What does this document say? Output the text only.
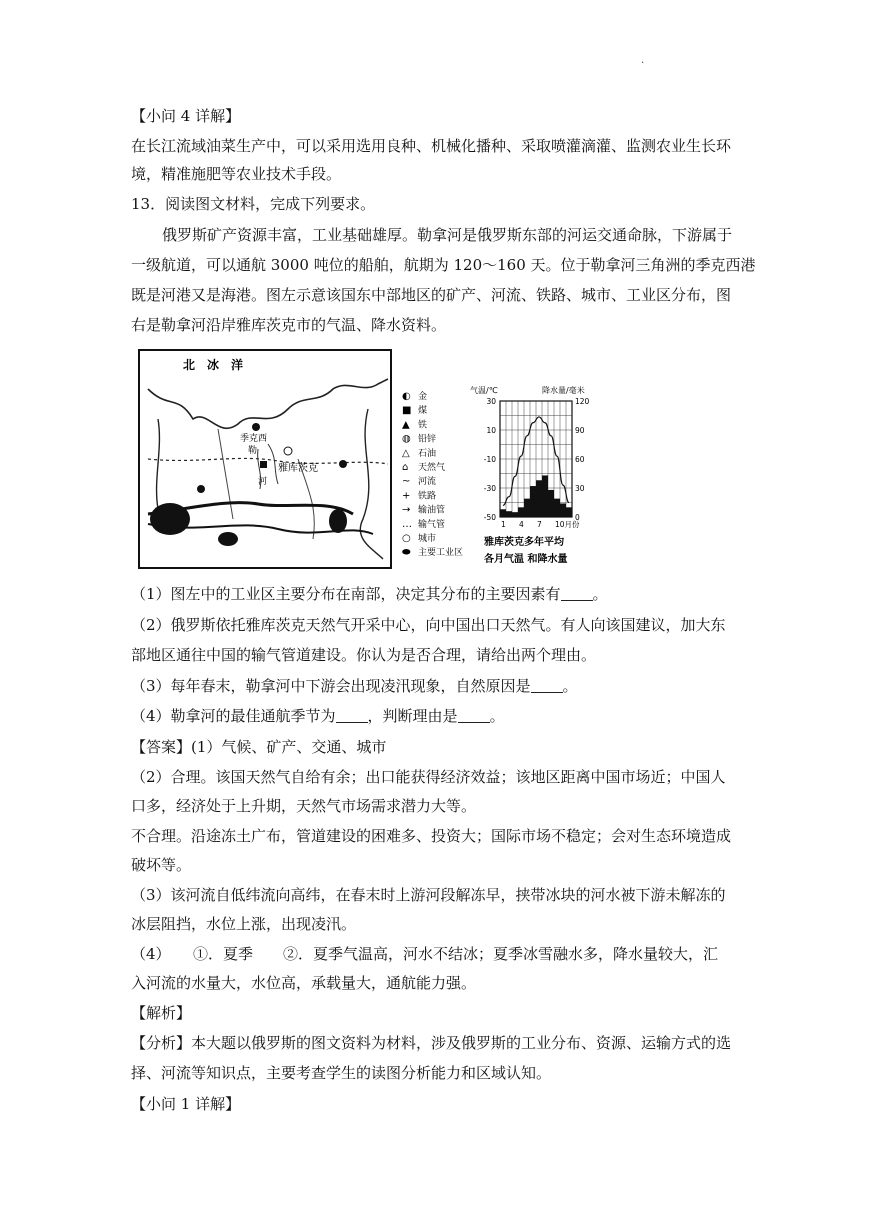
.
【小问 4 详解】
在长江流域油菜生产中，可以采用选用良种、机械化播种、采取喷灌滴灌、监测农业生长环
境，精准施肥等农业技术手段。
13．阅读图文材料，完成下列要求。
俄罗斯矿产资源丰富，工业基础雄厚。勒拿河是俄罗斯东部的河运交通命脉，下游属于
一级航道，可以通航 3000 吨位的船舶，航期为 120～160 天。位于勒拿河三角洲的季克西港
既是河港又是海港。图左示意该国东中部地区的矿产、河流、铁路、城市、工业区分布，图
右是勒拿河沿岸雅库茨克市的气温、降水资料。
季克西
北　冰　洋
勒
河
雅库茨克
◐ 金
■ 煤
▲ 铁
◍ 铅锌
△ 石油
⌂ 天然气
~ 河流
+ 铁路
→ 输油管
… 输气管
○ 城市
⬬ 主要工业区
气温/℃	降水量/毫米
30
10
-10
-30
-50
120
90
60
30
0
1 4 7 10月份
雅库茨克多年平均
各月气温 和降水量
（1）图左中的工业区主要分布在南部，决定其分布的主要因素有 。
（2）俄罗斯依托雅库茨克天然气开采中心，向中国出口天然气。有人向该国建议，加大东
部地区通往中国的输气管道建设。你认为是否合理，请给出两个理由。
（3）每年春末，勒拿河中下游会出现凌汛现象，自然原因是 。
（4）勒拿河的最佳通航季节为 ，判断理由是 。
【答案】(1）气候、矿产、交通、城市
（2）合理。该国天然气自给有余；出口能获得经济效益；该地区距离中国市场近；中国人
口多，经济处于上升期，天然气市场需求潜力大等。
不合理。沿途冻土广布，管道建设的困难多、投资大；国际市场不稳定；会对生态环境造成
破坏等。
（3）该河流自低纬流向高纬，在春末时上游河段解冻早，挟带冰块的河水被下游未解冻的
冰层阻挡，水位上涨，出现凌汛。
（4）　　①．夏季　　②．夏季气温高，河水不结冰；夏季冰雪融水多，降水量较大，汇
入河流的水量大，水位高，承载量大，通航能力强。
【解析】
【分析】本大题以俄罗斯的图文资料为材料，涉及俄罗斯的工业分布、资源、运输方式的选
择、河流等知识点，主要考查学生的读图分析能力和区域认知。
【小问 1 详解】
